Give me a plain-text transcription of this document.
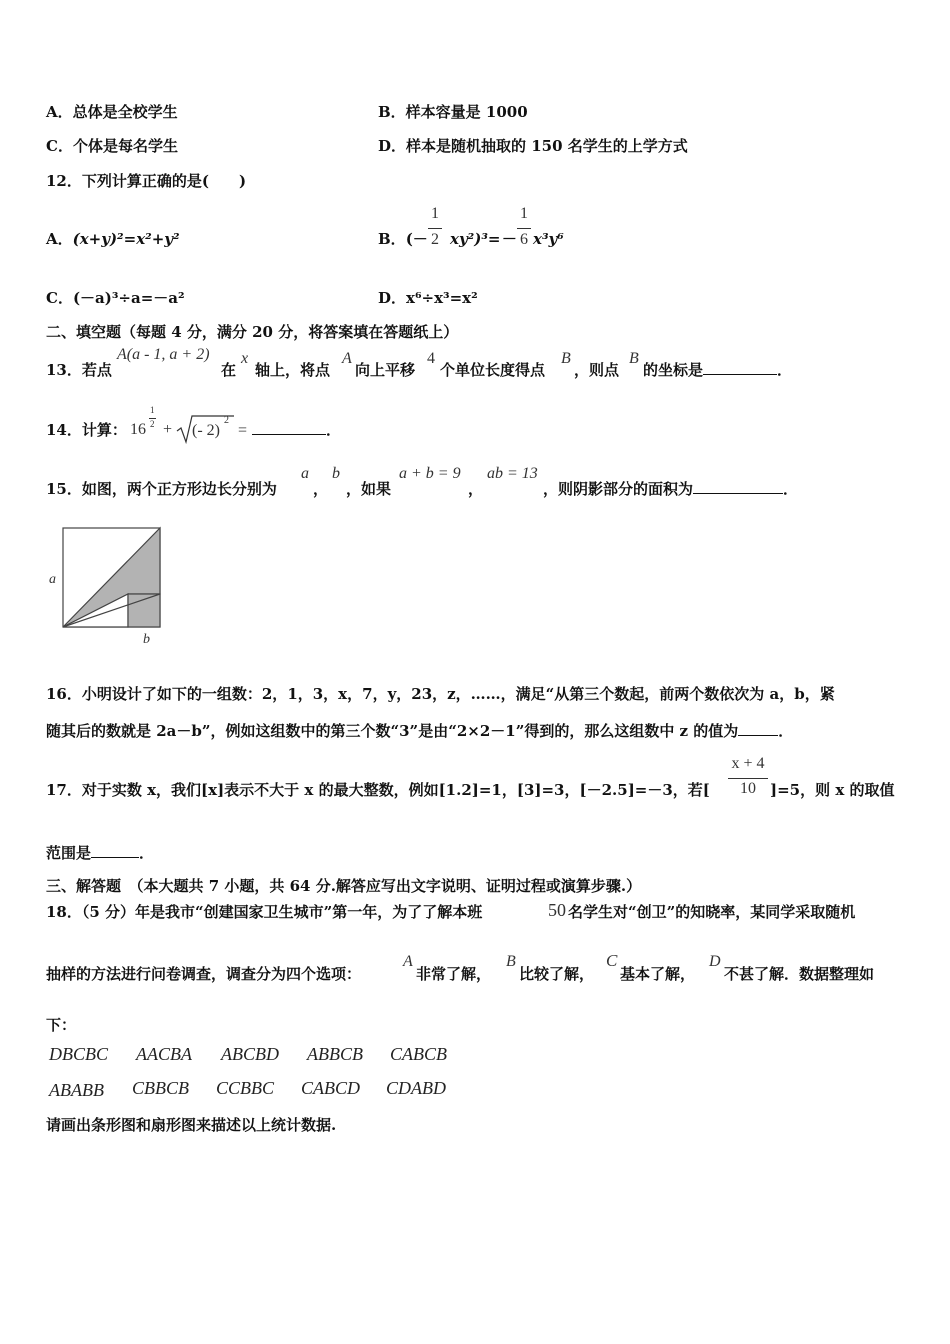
A．总体是全校学生	B．样本容量是 1000
C．个体是每名学生	D．样本是随机抽取的 150 名学生的上学方式
12．下列计算正确的是(　　)
A．(x+y)²=x²+y²	B．(－
1
2 xy²)³=－
1
6 x³y⁶
C．(－a)³÷a=－a²	D．x⁶÷x³=x²
二、填空题（每题 4 分，满分 20 分，将答案填在答题纸上）
13．若点
A(a - 1, a + 2)
在
x
轴上，将点
A
向上平移
4
个单位长度得点
B
，则点
B
的坐标是	．
14．计算： 16
1
2 + (- 2)
2
=	．
15．如图，两个正方形边长分别为
a
，
b
，如果
a + b = 9
，
ab = 13
，则阴影部分的面积为	．
a
b
16．小明设计了如下的一组数：2，1，3，x，7，y，23，z，……，满足“从第三个数起，前两个数依次为 a，b，紧
随其后的数就是 2a－b”，例如这组数中的第三个数“3”是由“2×2－1”得到的，那么这组数中 z 的值为	．
17．对于实数 x，我们[x]表示不大于 x 的最大整数，例如[1.2]=1，[3]=3，[－2.5]=－3，若[
x + 4
10 ]=5，则 x 的取值
范围是	．
三、解答题　（本大题共 7 小题，共 64 分.解答应写出文字说明、证明过程或演算步骤.）
18．（5 分）年是我市“创建国家卫生城市”第一年，为了了解本班	50 名学生对“创卫”的知晓率，某同学采取随机
抽样的方法进行问卷调查，调查分为四个选项：
A
非常了解，
B
比较了解，
C
基本了解，
D
不甚了解．数据整理如
下：
DBCBC AACBA ABCBD ABBCB CABCB
ABABB CBBCB CCBBC CABCD CDABD
请画出条形图和扇形图来描述以上统计数据.
